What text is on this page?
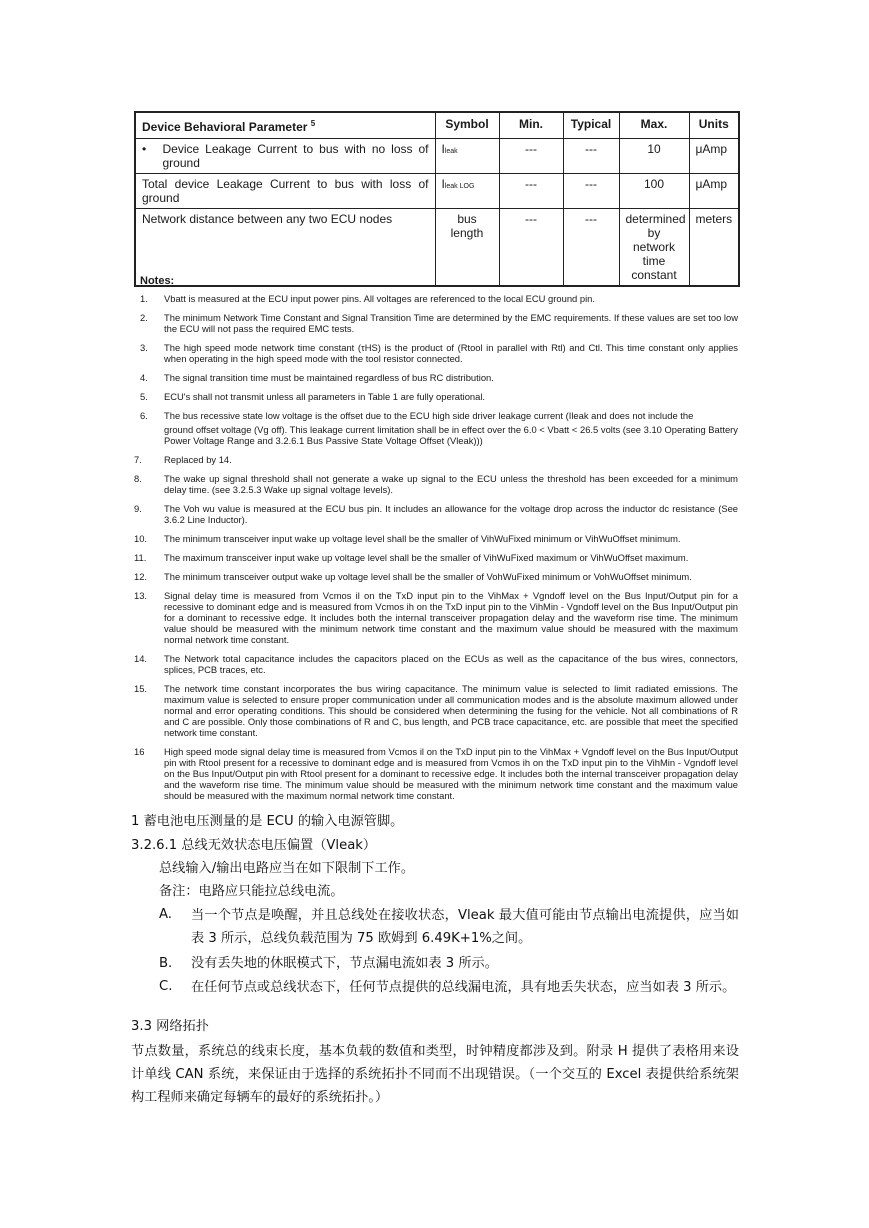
Device Behavioral Parameter $^5$	Symbol	Min.	Typical	Max.	Units

• Device Leakage Current to bus with no loss of ground	Ileak	---	---	10	μAmp
Total device Leakage Current to bus with loss of ground	Ileak LOG	---	---	100	μAmp
Network distance between any two ECU nodes	bus length	---	---	determined by network time constant	meters
Notes:
1.	Vbatt is measured at the ECU input power pins. All voltages are referenced to the local ECU ground pin.
2.	The minimum Network Time Constant and Signal Transition Time are determined by the EMC requirements. If these values are set too low the ECU will not pass the required EMC tests.
3.	The high speed mode network time constant (τHS) is the product of (Rtool in parallel with Rtl) and Ctl. This time constant only applies when operating in the high speed mode with the tool resistor connected.
4.	The signal transition time must be maintained regardless of bus RC distribution.
5.	ECU's shall not transmit unless all parameters in Table 1 are fully operational.
6.	The bus recessive state low voltage is the offset due to the ECU high side driver leakage current (Ileak and does not include the
ground offset voltage (Vg off). This leakage current limitation shall be in effect over the 6.0 < Vbatt < 26.5 volts (see 3.10 Operating Battery Power Voltage Range and 3.2.6.1 Bus Passive State Voltage Offset (Vleak)))
7.	Replaced by 14.
8.	The wake up signal threshold shall not generate a wake up signal to the ECU unless the threshold has been exceeded for a minimum delay time. (see 3.2.5.3 Wake up signal voltage levels).
9.	The Voh wu value is measured at the ECU bus pin. It includes an allowance for the voltage drop across the inductor dc resistance (See 3.6.2 Line Inductor).
10.	The minimum transceiver input wake up voltage level shall be the smaller of VihWuFixed minimum or VihWuOffset minimum.
11.	The maximum transceiver input wake up voltage level shall be the smaller of VihWuFixed maximum or VihWuOffset maximum.
12.	The minimum transceiver output wake up voltage level shall be the smaller of VohWuFixed minimum or VohWuOffset minimum.
13.	Signal delay time is measured from Vcmos il on the TxD input pin to the VihMax + Vgndoff level on the Bus Input/Output pin for a recessive to dominant edge and is measured from Vcmos ih on the TxD input pin to the VihMin - Vgndoff level on the Bus Input/Output pin for a dominant to recessive edge. It includes both the internal transceiver propagation delay and the waveform rise time. The minimum value should be measured with the minimum network time constant and the maximum value should be measured with the maximum normal network time constant.
14.	The Network total capacitance includes the capacitors placed on the ECUs as well as the capacitance of the bus wires, connectors, splices, PCB traces, etc.
15.	The network time constant incorporates the bus wiring capacitance. The minimum value is selected to limit radiated emissions. The maximum value is selected to ensure proper communication under all communication modes and is the absolute maximum allowed under normal and error operating conditions. This should be considered when determining the fusing for the vehicle. Not all combinations of R and C are possible. Only those combinations of R and C, bus length, and PCB trace capacitance, etc. are possible that meet the specified network time constant.
16	High speed mode signal delay time is measured from Vcmos il on the TxD input pin to the VihMax + Vgndoff level on the Bus Input/Output pin with Rtool present for a recessive to dominant edge and is measured from Vcmos ih on the TxD input pin to the VihMin - Vgndoff level on the Bus Input/Output pin with Rtool present for a dominant to recessive edge. It includes both the internal transceiver propagation delay and the waveform rise time. The minimum value should be measured with the minimum network time constant and the maximum value should be measured with the maximum normal network time constant.
1 蓄电池电压测量的是 ECU 的输入电源管脚。
3.2.6.1 总线无效状态电压偏置（Vleak）
总线输入/输出电路应当在如下限制下工作。
备注：电路应只能拉总线电流。
A.	当一个节点是唤醒，并且总线处在接收状态，Vleak 最大值可能由节点输出电流提供，应当如表 3 所示，总线负载范围为 75 欧姆到 6.49K+1%之间。
B.	没有丢失地的休眠模式下，节点漏电流如表 3 所示。
C.	在任何节点或总线状态下，任何节点提供的总线漏电流，具有地丢失状态，应当如表 3 所示。
3.3 网络拓扑
节点数量，系统总的线束长度，基本负载的数值和类型，时钟精度都涉及到。附录 H 提供了表格用来设计单线 CAN 系统，来保证由于选择的系统拓扑不同而不出现错误。（一个交互的 Excel 表提供给系统架构工程师来确定每辆车的最好的系统拓扑。）
